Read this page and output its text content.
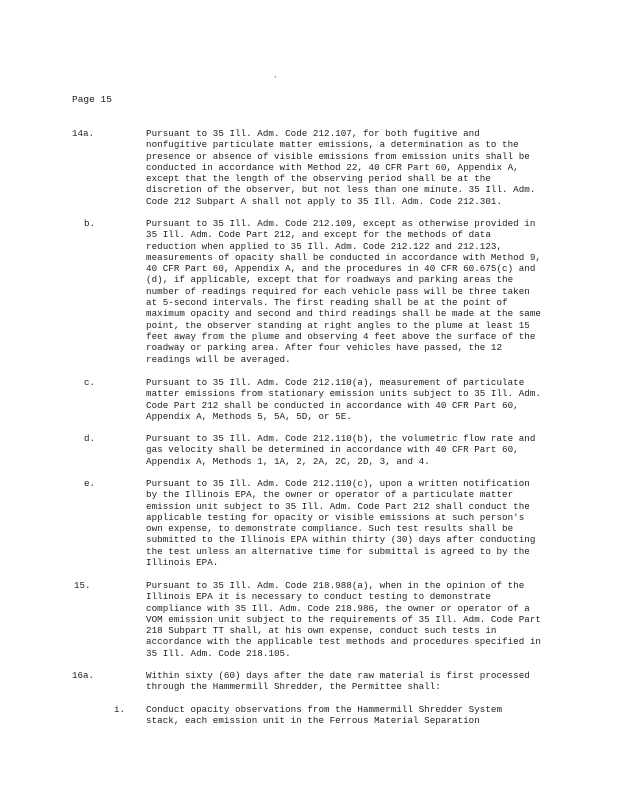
·
Page 15
14a.	Pursuant to 35 Ill. Adm. Code 212.107, for both fugitive and
nonfugitive particulate matter emissions, a determination as to the
presence or absence of visible emissions from emission units shall be
conducted in accordance with Method 22, 40 CFR Part 60, Appendix A,
except that the length of the observing period shall be at the
discretion of the observer, but not less than one minute. 35 Ill. Adm.
Code 212 Subpart A shall not apply to 35 Ill. Adm. Code 212.301.
b.	Pursuant to 35 Ill. Adm. Code 212.109, except as otherwise provided in
35 Ill. Adm. Code Part 212, and except for the methods of data
reduction when applied to 35 Ill. Adm. Code 212.122 and 212.123,
measurements of opacity shall be conducted in accordance with Method 9,
40 CFR Part 60, Appendix A, and the procedures in 40 CFR 60.675(c) and
(d), if applicable, except that for roadways and parking areas the
number of readings required for each vehicle pass will be three taken
at 5-second intervals. The first reading shall be at the point of
maximum opacity and second and third readings shall be made at the same
point, the observer standing at right angles to the plume at least 15
feet away from the plume and observing 4 feet above the surface of the
roadway or parking area. After four vehicles have passed, the 12
readings will be averaged.
c.	Pursuant to 35 Ill. Adm. Code 212.110(a), measurement of particulate
matter emissions from stationary emission units subject to 35 Ill. Adm.
Code Part 212 shall be conducted in accordance with 40 CFR Part 60,
Appendix A, Methods 5, 5A, 5D, or 5E.
d.	Pursuant to 35 Ill. Adm. Code 212.110(b), the volumetric flow rate and
gas velocity shall be determined in accordance with 40 CFR Part 60,
Appendix A, Methods 1, 1A, 2, 2A, 2C, 2D, 3, and 4.
e.	Pursuant to 35 Ill. Adm. Code 212.110(c), upon a written notification
by the Illinois EPA, the owner or operator of a particulate matter
emission unit subject to 35 Ill. Adm. Code Part 212 shall conduct the
applicable testing for opacity or visible emissions at such person's
own expense, to demonstrate compliance. Such test results shall be
submitted to the Illinois EPA within thirty (30) days after conducting
the test unless an alternative time for submittal is agreed to by the
Illinois EPA.
15.	Pursuant to 35 Ill. Adm. Code 218.988(a), when in the opinion of the
Illinois EPA it is necessary to conduct testing to demonstrate
compliance with 35 Ill. Adm. Code 218.986, the owner or operator of a
VOM emission unit subject to the requirements of 35 Ill. Adm. Code Part
218 Subpart TT shall, at his own expense, conduct such tests in
accordance with the applicable test methods and procedures specified in
35 Ill. Adm. Code 218.105.
16a.	Within sixty (60) days after the date raw material is first processed
through the Hammermill Shredder, the Permittee shall:
i. Conduct opacity observations from the Hammermill Shredder System
stack, each emission unit in the Ferrous Material Separation
